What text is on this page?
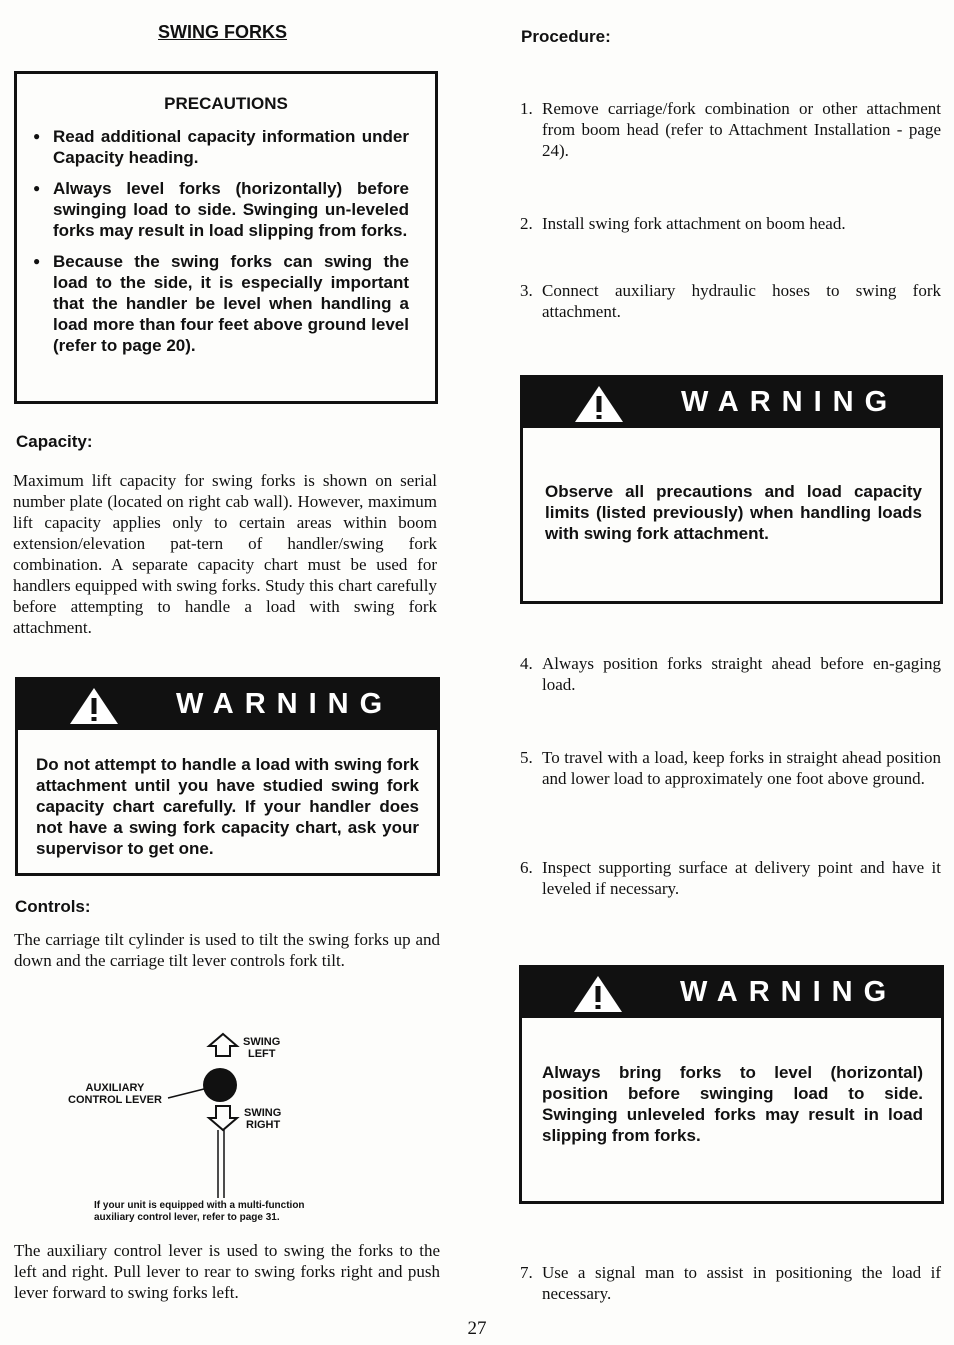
SWING FORKS
PRECAUTIONS
● Read additional capacity information under Capacity heading.
● Always level forks (horizontally) before swinging load to side. Swinging un-leveled forks may result in load slipping from forks.
● Because the swing forks can swing the load to the side, it is especially important that the handler be level when handling a load more than four feet above ground level (refer to page 20).
Capacity:
Maximum lift capacity for swing forks is shown on serial number plate (located on right cab wall). However, maximum lift capacity applies only to certain areas within boom extension/elevation pat-tern of handler/swing fork combination. A separate capacity chart must be used for handlers equipped with swing forks. Study this chart carefully before attempting to handle a load with swing fork attachment.
WARNING
Do not attempt to handle a load with swing fork attachment until you have studied swing fork capacity chart carefully. If your handler does not have a swing fork capacity chart, ask your supervisor to get one.
Controls:
The carriage tilt cylinder is used to tilt the swing forks up and down and the carriage tilt lever controls fork tilt.
SWING
LEFT
SWING
RIGHT
AUXILIARY
CONTROL LEVER
If your unit is equipped with a multi-function
auxiliary control lever, refer to page 31.
The auxiliary control lever is used to swing the forks to the left and right. Pull lever to rear to swing forks right and push lever forward to swing forks left.
Procedure:
1. Remove carriage/fork combination or other attachment from boom head (refer to Attachment Installation - page 24).
2. Install swing fork attachment on boom head.
3. Connect auxiliary hydraulic hoses to swing fork attachment.
WARNING
Observe all precautions and load capacity limits (listed previously) when handling loads with swing fork attachment.
4. Always position forks straight ahead before en-gaging load.
5. To travel with a load, keep forks in straight ahead position and lower load to approximately one foot above ground.
6. Inspect supporting surface at delivery point and have it leveled if necessary.
WARNING
Always bring forks to level (horizontal) position before swinging load to side. Swinging unleveled forks may result in load slipping from forks.
7. Use a signal man to assist in positioning the load if necessary.
27
